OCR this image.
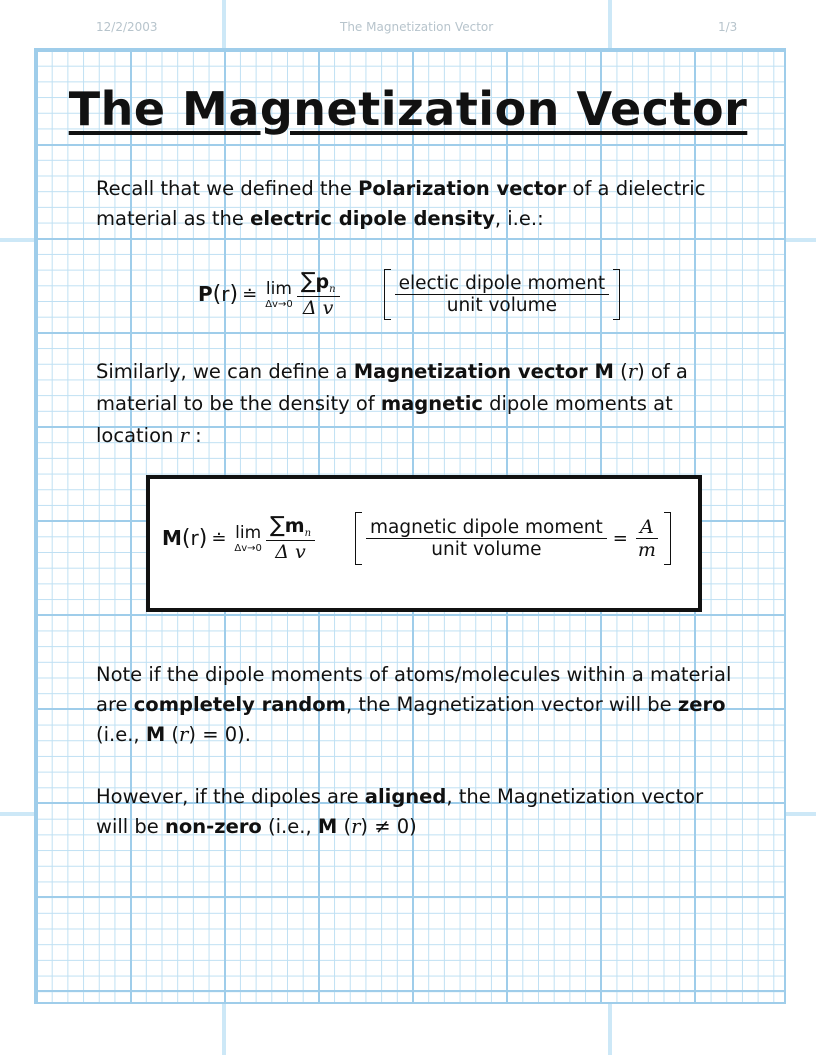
12/2/2003	The Magnetization Vector	1/3
The Magnetization Vector
Recall that we defined the Polarization vector of a dielectric material as the electric dipole density, i.e.:
P ( r ) ≐ lim
$\Delta v\to 0 \frac{\sum p_n}{\text{Δ v}}$	$\frac{\text{electic dipole moment}}{\text{unit volume}}$
Similarly, we can define a Magnetization vector M (r) of a material to be the density of magnetic dipole moments at location r :
M ( r ) ≐ lim
$\Delta v\to 0 \frac{\sum m_n}{\text{Δ v}}$	$\frac{\text{magnetic dipole moment}}{\text{unit volume}} = \frac{A}{m}$
Note if the dipole moments of atoms/molecules within a material are completely random, the Magnetization vector will be zero (i.e., M (r) = 0).
However, if the dipoles are aligned, the Magnetization vector will be non-zero (i.e., M (r) ≠ 0)
